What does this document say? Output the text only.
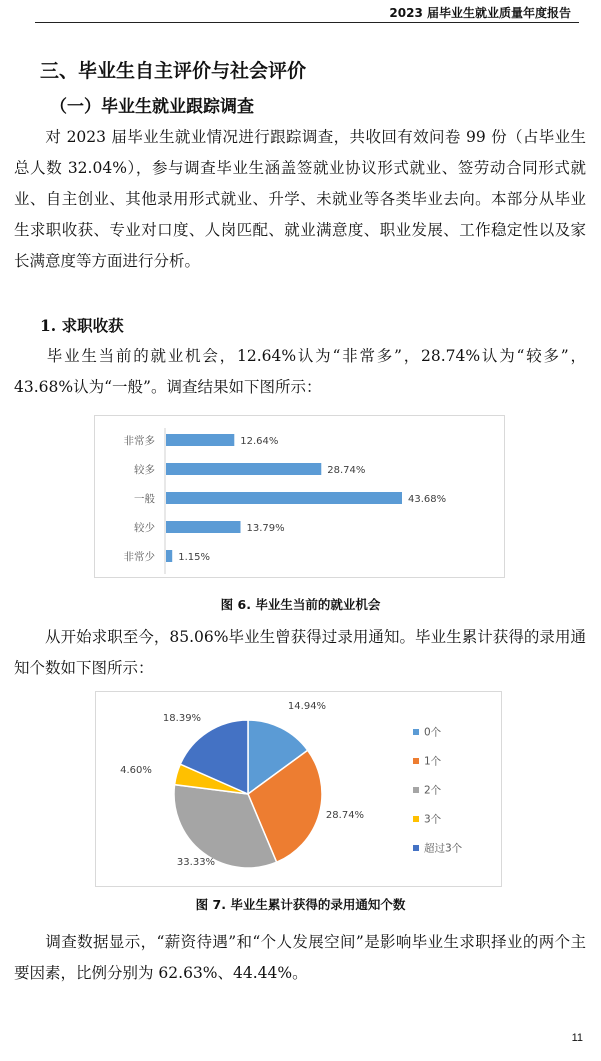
2023 届毕业生就业质量年度报告
三、毕业生自主评价与社会评价
（一）毕业生就业跟踪调查

对 2023 届毕业生就业情况进行跟踪调查，共收回有效问卷 99 份（占毕业生总人数 32.04%），参与调查毕业生涵盖签就业协议形式就业、签劳动合同形式就业、自主创业、其他录用形式就业、升学、未就业等各类毕业去向。本部分从毕业生求职收获、专业对口度、人岗匹配、就业满意度、职业发展、工作稳定性以及家长满意度等方面进行分析。

1. 求职收获

毕业生当前的就业机会，12.64%认为“非常多”，28.74%认为“较多”，43.68%认为“一般”。调查结果如下图所示：

非常多	12.64%
较多	28.74%
一般	43.68%
较少	13.79%
非常少 1.15%
图 6. 毕业生当前的就业机会

从开始求职至今，85.06%毕业生曾获得过录用通知。毕业生累计获得的录用通知个数如下图所示：

14.94%
28.74%
33.33%
4.60%
18.39%
0个
1个
2个
3个
超过3个
图 7. 毕业生累计获得的录用通知个数

调查数据显示，“薪资待遇”和“个人发展空间”是影响毕业生求职择业的两个主要因素，比例分别为 62.63%、44.44%。

11
